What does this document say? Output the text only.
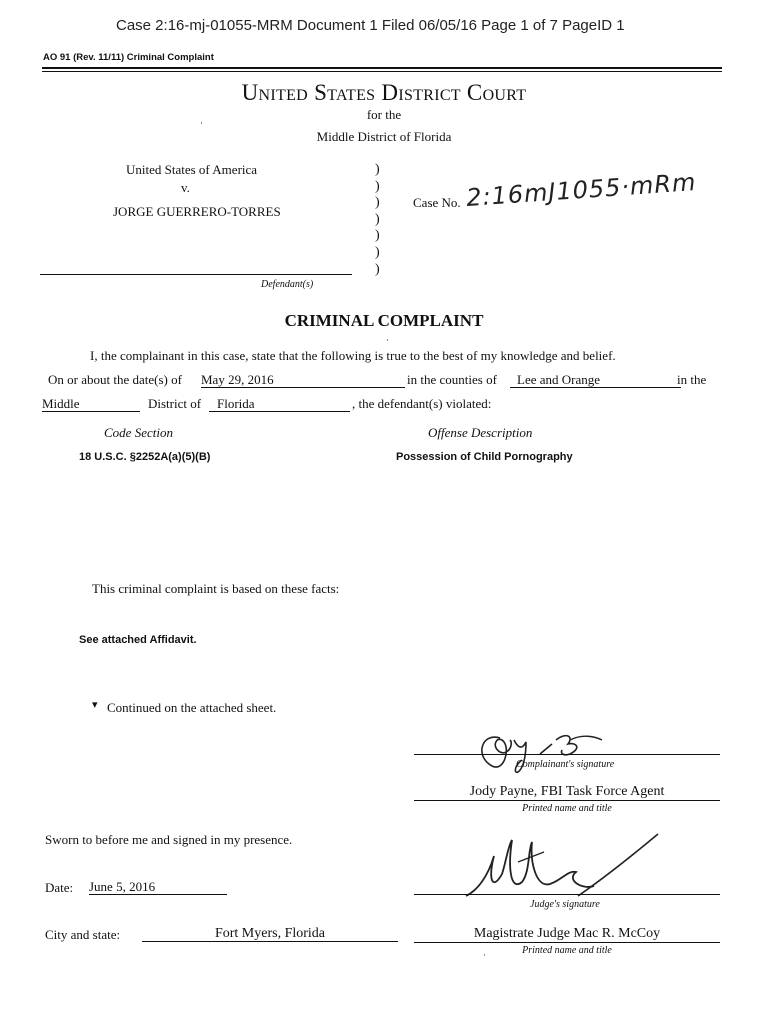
Case 2:16-mj-01055-MRM Document 1 Filed 06/05/16 Page 1 of 7 PageID 1
AO 91 (Rev. 11/11) Criminal Complaint
United States District Court
for the
Middle District of Florida
United States of America
v.
JORGE GUERRERO-TORRES
Defendant(s)
)
)
)
)
)
)
)
Case No. 2:16mJ1055·mRm
CRIMINAL COMPLAINT
I, the complainant in this case, state that the following is true to the best of my knowledge and belief.
On or about the date(s) of May 29, 2016	in the counties of	Lee and Orange	in the
Middle	District of	Florida	, the defendant(s) violated:
Code Section	Offense Description
18 U.S.C. §2252A(a)(5)(B)	Possession of Child Pornography
This criminal complaint is based on these facts:
See attached Affidavit.
▾ Continued on the attached sheet.
Complainant's signature
Jody Payne, FBI Task Force Agent
Printed name and title
Sworn to before me and signed in my presence.
Date: June 5, 2016
Judge's signature
City and state:	Fort Myers, Florida	Magistrate Judge Mac R. McCoy
Printed name and title
·
·
·
